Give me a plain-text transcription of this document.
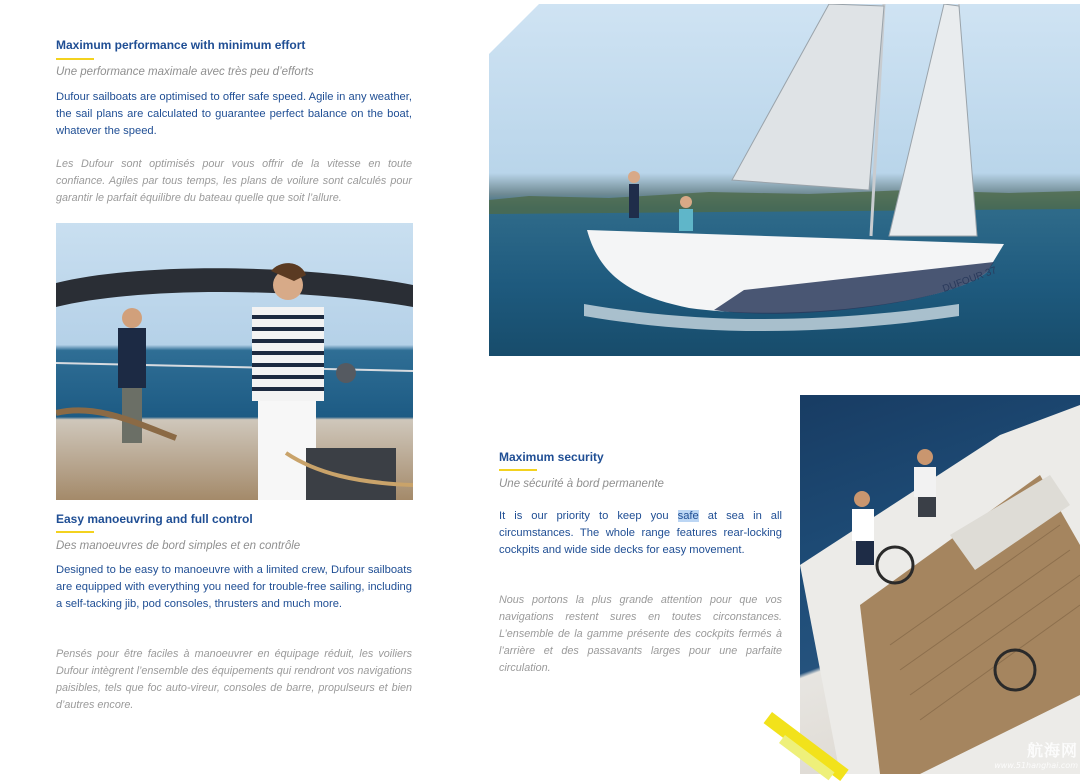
Maximum performance with minimum effort

Une performance maximale avec très peu d’efforts

Dufour sailboats are optimised to offer safe speed. Agile in any weather, the sail plans are calculated to guarantee perfect balance on the boat, whatever the speed.

Les Dufour sont optimisés pour vous offrir de la vitesse en toute confiance. Agiles par tous temps, les plans de voilure sont calculés pour garantir le parfait équilibre du bateau quelle que soit l’allure.

Easy manoeuvring and full control

Des manoeuvres de bord simples et en contrôle

Designed to be easy to manoeuvre with a limited crew, Dufour sailboats are equipped with everything you need for trouble-free sailing, including a self-tacking jib, pod consoles, thrusters and much more.

Pensés pour être faciles à manoeuvrer en équipage réduit, les voiliers Dufour intègrent l’ensemble des équipements qui rendront vos navigations paisibles, tels que foc auto-vireur, consoles de barre, propulseurs et bien d’autres encore.

Maximum security

Une sécurité à bord permanente

It is our priority to keep you safe at sea in all circumstances. The whole range features rear-locking cockpits and wide side decks for easy movement.

Nous portons la plus grande attention pour que vos navigations restent sures en toutes circonstances. L’ensemble de la gamme présente des cockpits fermés à l’arrière et des passavants larges pour une parfaite circulation.

DUFOUR 37
航海网
www.51hanghai.com
